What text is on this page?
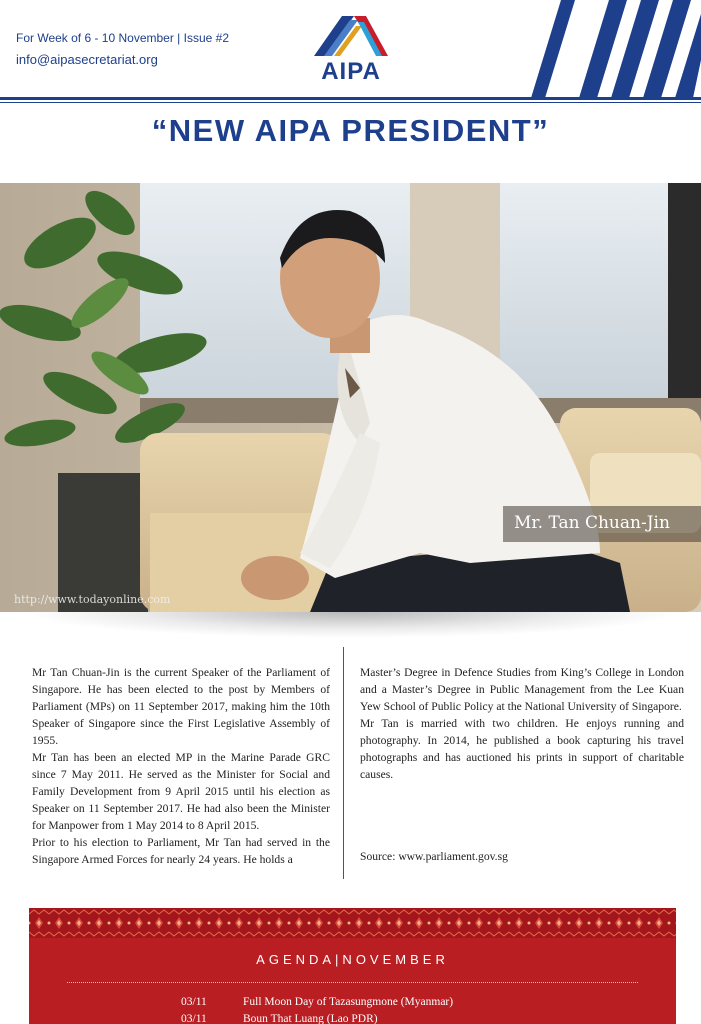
For Week of 6 - 10 November | Issue #2
info@aipasecretariat.org	AIPA
“NEW AIPA PRESIDENT”
Mr. Tan Chuan-Jin
http://www.todayonline.com

Mr Tan Chuan-Jin is the current Speaker of the Parliament of Singapore. He has been elected to the post by Members of Parliament (MPs) on 11 September 2017, making him the 10th Speaker of Singapore since the First Legislative Assembly of 1955.

Mr Tan has been an elected MP in the Marine Parade GRC since 7 May 2011. He served as the Minister for Social and Family Development from 9 April 2015 until his election as Speaker on 11 September 2017. He had also been the Minister for Manpower from 1 May 2014 to 8 April 2015.

Prior to his election to Parliament, Mr Tan had served in the Singapore Armed Forces for nearly 24 years. He holds a

Master’s Degree in Defence Studies from King’s College in London and a Master’s Degree in Public Management from the Lee Kuan Yew School of Public Policy at the National University of Singapore.

Mr Tan is married with two children. He enjoys running and photography. In 2014, he published a book capturing his travel photographs and has auctioned his prints in support of charitable causes.

Source: www.parliament.gov.sg
AGENDA|NOVEMBER
03/11	Full Moon Day of Tazasungmone (Myanmar)
03/11	Boun That Luang (Lao PDR)
